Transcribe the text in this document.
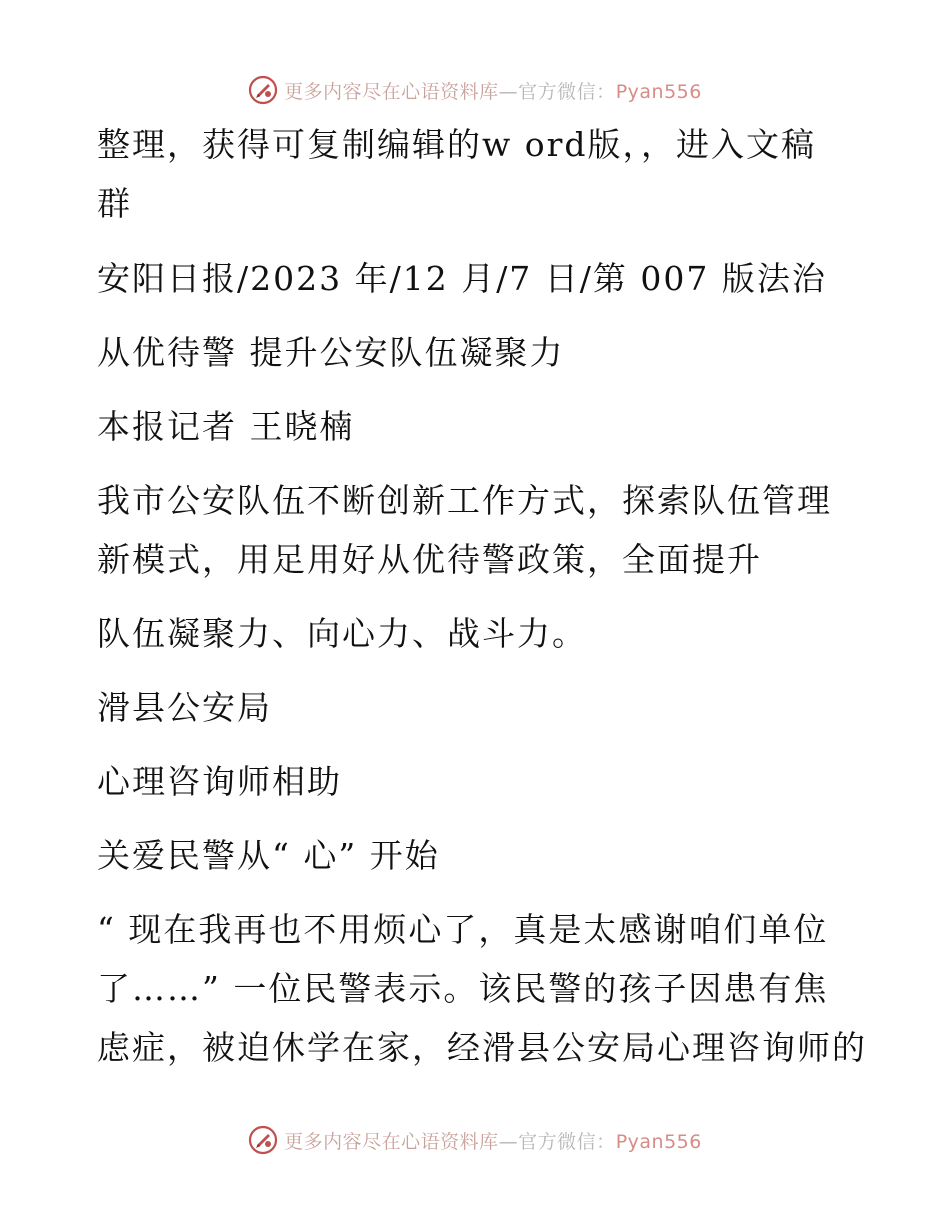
更多内容尽在心语资料库—官方微信：Pyan556
整理，获得可复制编辑的w ord版，，进入文稿
群
安阳日报/2023 年/12 月/7 日/第 007 版法治
从优待警 提升公安队伍凝聚力
本报记者 王晓楠
我市公安队伍不断创新工作方式，探索队伍管理
新模式，用足用好从优待警政策，全面提升
队伍凝聚力、向心力、战斗力。
滑县公安局
心理咨询师相助
关爱民警从“ 心” 开始
“ 现在我再也不用烦心了，真是太感谢咱们单位
了……” 一位民警表示。该民警的孩子因患有焦
虑症，被迫休学在家，经滑县公安局心理咨询师的
更多内容尽在心语资料库—官方微信：Pyan556
